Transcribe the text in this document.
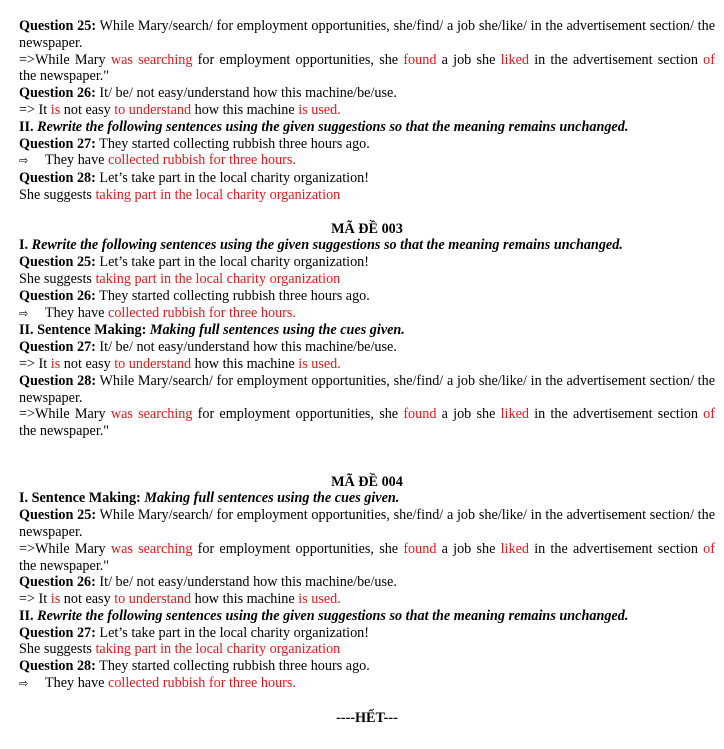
Question 25: While Mary/search/ for employment opportunities, she/find/ a job she/like/ in the advertisement section/ the newspaper.
=>While Mary was searching for employment opportunities, she found a job she liked in the advertisement section of
the newspaper."
Question 26: It/ be/ not easy/understand how this machine/be/use.
=> It is not easy to understand how this machine is used.
II. Rewrite the following sentences using the given suggestions so that the meaning remains unchanged.
Question 27: They started collecting rubbish three hours ago.
⇨ They have collected rubbish for three hours.
Question 28: Let’s take part in the local charity organization!
She suggests taking part in the local charity organization
MÃ ĐỀ 003
I. Rewrite the following sentences using the given suggestions so that the meaning remains unchanged.
Question 25: Let’s take part in the local charity organization!
She suggests taking part in the local charity organization
Question 26: They started collecting rubbish three hours ago.
⇨ They have collected rubbish for three hours.
II. Sentence Making: Making full sentences using the cues given.
Question 27: It/ be/ not easy/understand how this machine/be/use.
=> It is not easy to understand how this machine is used.
Question 28: While Mary/search/ for employment opportunities, she/find/ a job she/like/ in the advertisement section/ the newspaper.
=>While Mary was searching for employment opportunities, she found a job she liked in the advertisement section of
the newspaper."
MÃ ĐỀ 004
I. Sentence Making: Making full sentences using the cues given.
Question 25: While Mary/search/ for employment opportunities, she/find/ a job she/like/ in the advertisement section/ the newspaper.
=>While Mary was searching for employment opportunities, she found a job she liked in the advertisement section of
the newspaper."
Question 26: It/ be/ not easy/understand how this machine/be/use.
=> It is not easy to understand how this machine is used.
II. Rewrite the following sentences using the given suggestions so that the meaning remains unchanged.
Question 27: Let’s take part in the local charity organization!
She suggests taking part in the local charity organization
Question 28: They started collecting rubbish three hours ago.
⇨ They have collected rubbish for three hours.
----HẾT---
